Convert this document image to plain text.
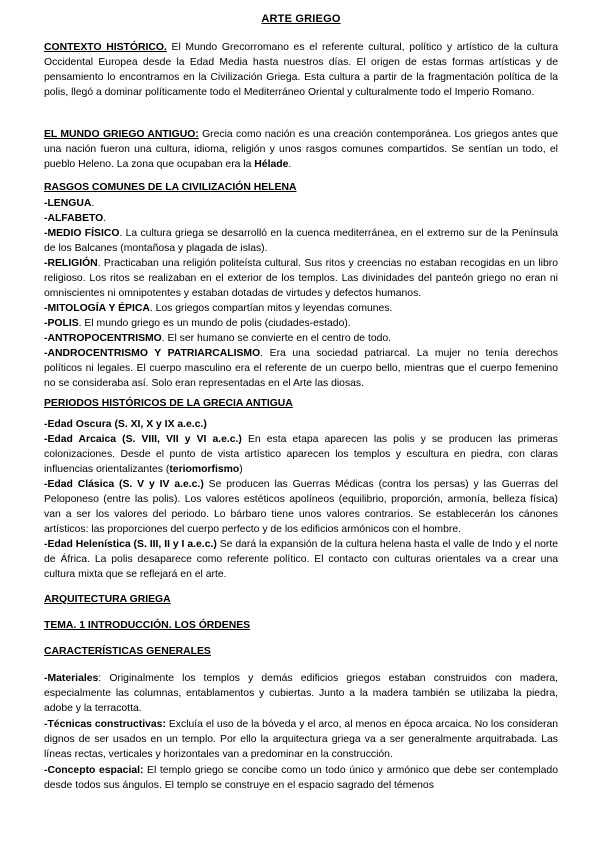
ARTE GRIEGO

CONTEXTO HISTÓRICO. El Mundo Grecorromano es el referente cultural, político y artístico de la cultura Occidental Europea desde la Edad Media hasta nuestros días. El origen de estas formas artísticas y de pensamiento lo encontramos en la Civilización Griega. Esta cultura a partir de la fragmentación política de la polis, llegó a dominar políticamente todo el Mediterráneo Oriental y culturalmente todo el Imperio Romano.

EL MUNDO GRIEGO ANTIGUO: Grecia como nación es una creación contemporánea. Los griegos antes que una nación fueron una cultura, idioma, religión y unos rasgos comunes compartidos. Se sentían un todo, el pueblo Heleno. La zona que ocupaban era la Hélade.

RASGOS COMUNES DE LA CIVILIZACIÓN HELENA

-LENGUA.

-ALFABETO.

-MEDIO FÍSICO. La cultura griega se desarrolló en la cuenca mediterránea, en el extremo sur de la Península de los Balcanes (montañosa y plagada de islas).

-RELIGIÓN. Practicaban una religión politeísta cultural. Sus ritos y creencias no estaban recogidas en un libro religioso. Los ritos se realizaban en el exterior de los templos. Las divinidades del panteón griego no eran ni omniscientes ni omnipotentes y estaban dotadas de virtudes y defectos humanos.

-MITOLOGÍA Y ÉPICA. Los griegos compartían mitos y leyendas comunes.

-POLIS. El mundo griego es un mundo de polis (ciudades-estado).

-ANTROPOCENTRISMO. El ser humano se convierte en el centro de todo.

-ANDROCENTRISMO Y PATRIARCALISMO. Era una sociedad patriarcal. La mujer no tenía derechos políticos ni legales. El cuerpo masculino era el referente de un cuerpo bello, mientras que el cuerpo femenino no se consideraba así. Solo eran representadas en el Arte las diosas.

PERIODOS HISTÓRICOS DE LA GRECIA ANTIGUA

-Edad Oscura (S. XI, X y IX a.e.c.)

-Edad Arcaica (S. VIII, VII y VI a.e.c.) En esta etapa aparecen las polis y se producen las primeras colonizaciones. Desde el punto de vista artístico aparecen los templos y escultura en piedra, con claras influencias orientalizantes (teriomorfismo)

-Edad Clásica (S. V y IV a.e.c.) Se producen las Guerras Médicas (contra los persas) y las Guerras del Peloponeso (entre las polis). Los valores estéticos apolíneos (equilibrio, proporción, armonía, belleza física) van a ser los valores del periodo. Lo bárbaro tiene unos valores contrarios. Se establecerán los cánones artísticos: las proporciones del cuerpo perfecto y de los edificios armónicos con el hombre.

-Edad Helenística (S. III, II y I a.e.c.) Se dará la expansión de la cultura helena hasta el valle de Indo y el norte de África. La polis desaparece como referente político. El contacto con culturas orientales va a crear una cultura mixta que se reflejará en el arte.

ARQUITECTURA GRIEGA
TEMA. 1 INTRODUCCIÓN. LOS ÓRDENES
CARACTERÍSTICAS GENERALES

-Materiales: Originalmente los templos y demás edificios griegos estaban construidos con madera, especialmente las columnas, entablamentos y cubiertas. Junto a la madera también se utilizaba la piedra, adobe y la terracotta.

-Técnicas constructivas: Excluía el uso de la bóveda y el arco, al menos en época arcaica. No los consideran dignos de ser usados en un templo. Por ello la arquitectura griega va a ser generalmente arquitrabada. Las líneas rectas, verticales y horizontales van a predominar en la construcción.

-Concepto espacial: El templo griego se concibe como un todo único y armónico que debe ser contemplado desde todos sus ángulos. El templo se construye en el espacio sagrado del témenos
